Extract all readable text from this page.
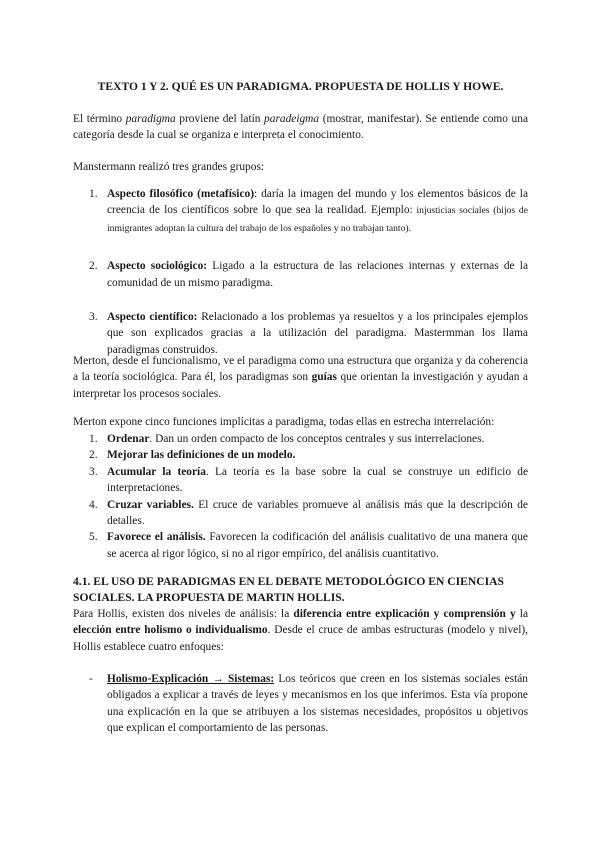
TEXTO 1 Y 2. QUÉ ES UN PARADIGMA. PROPUESTA DE HOLLIS Y HOWE.

El término paradigma proviene del latín paradeigma (mostrar, manifestar). Se entiende como una categoría desde la cual se organiza e interpreta el conocimiento.

Manstermann realizó tres grandes grupos:

1. Aspecto filosófico (metafísico): daría la imagen del mundo y los elementos básicos de la creencia de los científicos sobre lo que sea la realidad. Ejemplo: injusticias sociales (hijos de inmigrantes adoptan la cultura del trabajo de los españoles y no trabajan tanto).
2. Aspecto sociológico: Ligado a la estructura de las relaciones internas y externas de la comunidad de un mismo paradigma.
3. Aspecto científico: Relacionado a los problemas ya resueltos y a los principales ejemplos que son explicados gracias a la utilización del paradigma. Mastermman los llama paradigmas construidos.

Merton, desde el funcionalismo, ve el paradigma como una estructura que organiza y da coherencia a la teoría sociológica. Para él, los paradigmas son guías que orientan la investigación y ayudan a interpretar los procesos sociales.

Merton expone cinco funciones implícitas a paradigma, todas ellas en estrecha interrelación:

1. Ordenar. Dan un orden compacto de los conceptos centrales y sus interrelaciones.
2. Mejorar las definiciones de un modelo.
3. Acumular la teoría. La teoría es la base sobre la cual se construye un edificio de interpretaciones.
4. Cruzar variables. El cruce de variables promueve al análisis más que la descripción de detalles.
5. Favorece el análisis. Favorecen la codificación del análisis cualitativo de una manera que se acerca al rigor lógico, si no al rigor empírico, del análisis cuantitativo.
4.1. EL USO DE PARADIGMAS EN EL DEBATE METODOLÓGICO EN CIENCIAS SOCIALES. LA PROPUESTA DE MARTIN HOLLIS.

Para Hollis, existen dos niveles de análisis: la diferencia entre explicación y comprensión y la elección entre holismo o individualismo. Desde el cruce de ambas estructuras (modelo y nivel), Hollis establece cuatro enfoques:

- Holismo-Explicación → Sistemas: Los teóricos que creen en los sistemas sociales están obligados a explicar a través de leyes y mecanismos en los que inferimos. Esta vía propone una explicación en la que se atribuyen a los sistemas necesidades, propósitos u objetivos que explican el comportamiento de las personas.
